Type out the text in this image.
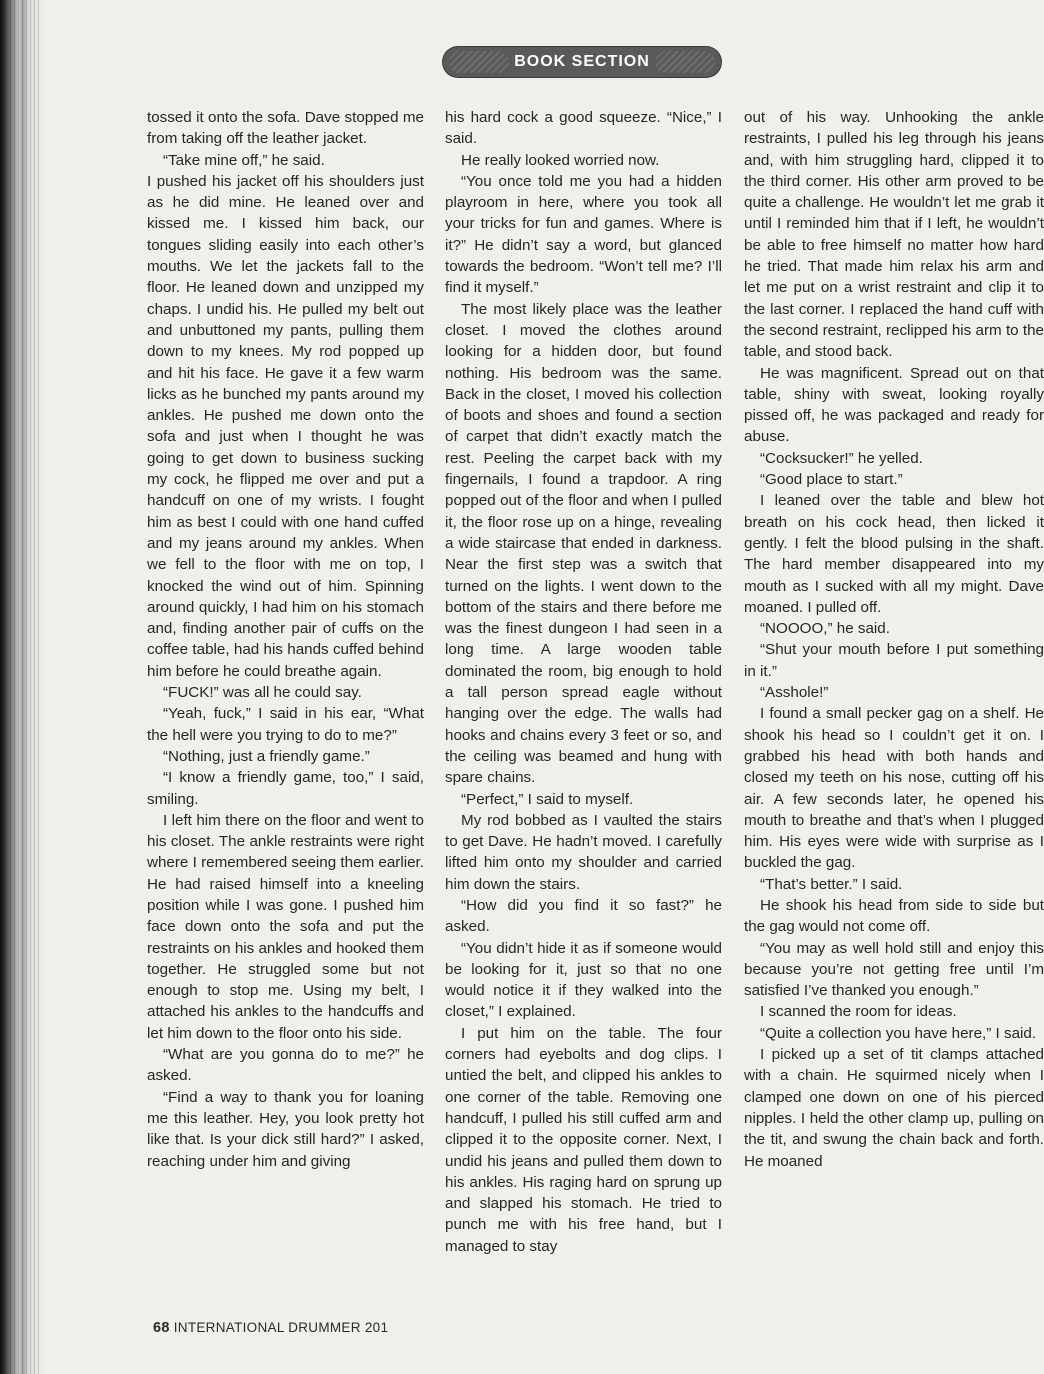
BOOK SECTION

tossed it onto the sofa. Dave stopped me from taking off the leather jacket.

“Take mine off,” he said.

I pushed his jacket off his shoulders just as he did mine. He leaned over and kissed me. I kissed him back, our tongues sliding easily into each other’s mouths. We let the jackets fall to the floor. He leaned down and unzipped my chaps. I undid his. He pulled my belt out and unbuttoned my pants, pulling them down to my knees. My rod popped up and hit his face. He gave it a few warm licks as he bunched my pants around my ankles. He pushed me down onto the sofa and just when I thought he was going to get down to business sucking my cock, he flipped me over and put a handcuff on one of my wrists. I fought him as best I could with one hand cuffed and my jeans around my ankles. When we fell to the floor with me on top, I knocked the wind out of him. Spinning around quickly, I had him on his stomach and, finding another pair of cuffs on the coffee table, had his hands cuffed behind him before he could breathe again.

“FUCK!” was all he could say.

“Yeah, fuck,” I said in his ear, “What the hell were you trying to do to me?”

“Nothing, just a friendly game.”

“I know a friendly game, too,” I said, smiling.

I left him there on the floor and went to his closet. The ankle restraints were right where I remembered seeing them earlier. He had raised himself into a kneeling position while I was gone. I pushed him face down onto the sofa and put the restraints on his ankles and hooked them together. He struggled some but not enough to stop me. Using my belt, I attached his ankles to the handcuffs and let him down to the floor onto his side.

“What are you gonna do to me?” he asked.

“Find a way to thank you for loaning me this leather. Hey, you look pretty hot like that. Is your dick still hard?” I asked, reaching under him and giving

his hard cock a good squeeze. “Nice,” I said.

He really looked worried now.

“You once told me you had a hidden playroom in here, where you took all your tricks for fun and games. Where is it?” He didn’t say a word, but glanced towards the bedroom. “Won’t tell me? I’ll find it myself.”

The most likely place was the leather closet. I moved the clothes around looking for a hidden door, but found nothing. His bedroom was the same. Back in the closet, I moved his collection of boots and shoes and found a section of carpet that didn’t exactly match the rest. Peeling the carpet back with my fingernails, I found a trapdoor. A ring popped out of the floor and when I pulled it, the floor rose up on a hinge, revealing a wide staircase that ended in darkness. Near the first step was a switch that turned on the lights. I went down to the bottom of the stairs and there before me was the finest dungeon I had seen in a long time. A large wooden table dominated the room, big enough to hold a tall person spread eagle without hanging over the edge. The walls had hooks and chains every 3 feet or so, and the ceiling was beamed and hung with spare chains.

“Perfect,” I said to myself.

My rod bobbed as I vaulted the stairs to get Dave. He hadn’t moved. I carefully lifted him onto my shoulder and carried him down the stairs.

“How did you find it so fast?” he asked.

“You didn’t hide it as if someone would be looking for it, just so that no one would notice it if they walked into the closet,” I explained.

I put him on the table. The four corners had eyebolts and dog clips. I untied the belt, and clipped his ankles to one corner of the table. Removing one handcuff, I pulled his still cuffed arm and clipped it to the opposite corner. Next, I undid his jeans and pulled them down to his ankles. His raging hard on sprung up and slapped his stomach. He tried to punch me with his free hand, but I managed to stay

out of his way. Unhooking the ankle restraints, I pulled his leg through his jeans and, with him struggling hard, clipped it to the third corner. His other arm proved to be quite a challenge. He wouldn’t let me grab it until I reminded him that if I left, he wouldn’t be able to free himself no matter how hard he tried. That made him relax his arm and let me put on a wrist restraint and clip it to the last corner. I replaced the hand cuff with the second restraint, reclipped his arm to the table, and stood back.

He was magnificent. Spread out on that table, shiny with sweat, looking royally pissed off, he was packaged and ready for abuse.

“Cocksucker!” he yelled.

“Good place to start.”

I leaned over the table and blew hot breath on his cock head, then licked it gently. I felt the blood pulsing in the shaft. The hard member disappeared into my mouth as I sucked with all my might. Dave moaned. I pulled off.

“NOOOO,” he said.

“Shut your mouth before I put something in it.”

“Asshole!”

I found a small pecker gag on a shelf. He shook his head so I couldn’t get it on. I grabbed his head with both hands and closed my teeth on his nose, cutting off his air. A few seconds later, he opened his mouth to breathe and that’s when I plugged him. His eyes were wide with surprise as I buckled the gag.

“That’s better.” I said.

He shook his head from side to side but the gag would not come off.

“You may as well hold still and enjoy this because you’re not getting free until I’m satisfied I’ve thanked you enough.”

I scanned the room for ideas.

“Quite a collection you have here,” I said.

I picked up a set of tit clamps attached with a chain. He squirmed nicely when I clamped one down on one of his pierced nipples. I held the other clamp up, pulling on the tit, and swung the chain back and forth. He moaned

68 INTERNATIONAL DRUMMER 201
